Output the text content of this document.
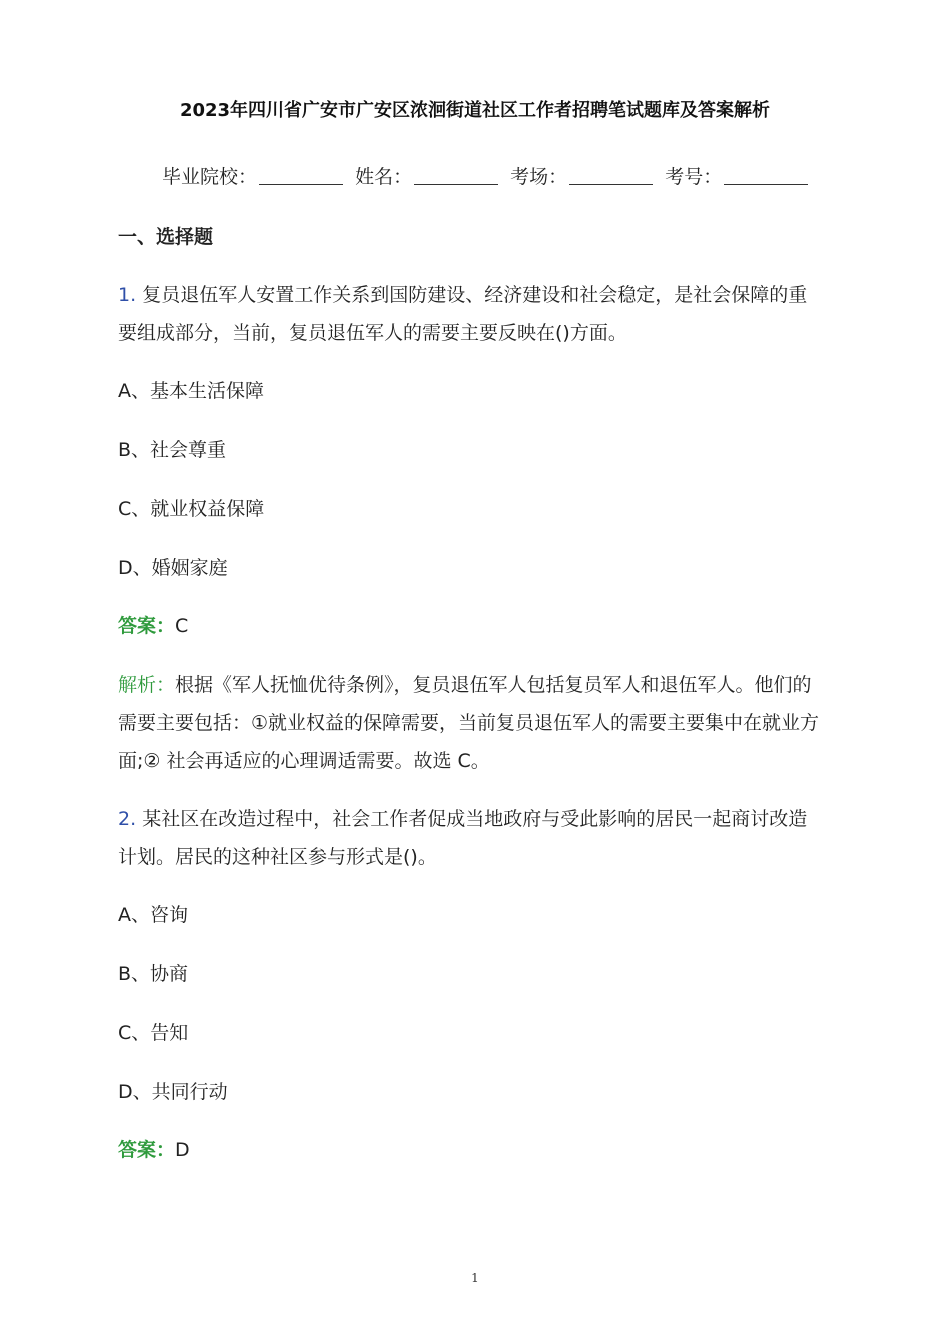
2023年四川省广安市广安区浓洄街道社区工作者招聘笔试题库及答案解析
毕业院校：	姓名：	考场：	考号：
一、选择题
1. 复员退伍军人安置工作关系到国防建设、经济建设和社会稳定，是社会保障的重
要组成部分，当前，复员退伍军人的需要主要反映在()方面。
A、基本生活保障
B、社会尊重
C、就业权益保障
D、婚姻家庭
答案：C
解析：根据《军人抚恤优待条例》，复员退伍军人包括复员军人和退伍军人。他们的
需要主要包括：①就业权益的保障需要，当前复员退伍军人的需要主要集中在就业方
面;② 社会再适应的心理调适需要。故选 C。
2. 某社区在改造过程中，社会工作者促成当地政府与受此影响的居民一起商讨改造
计划。居民的这种社区参与形式是()。
A、咨询
B、协商
C、告知
D、共同行动
答案：D
1
